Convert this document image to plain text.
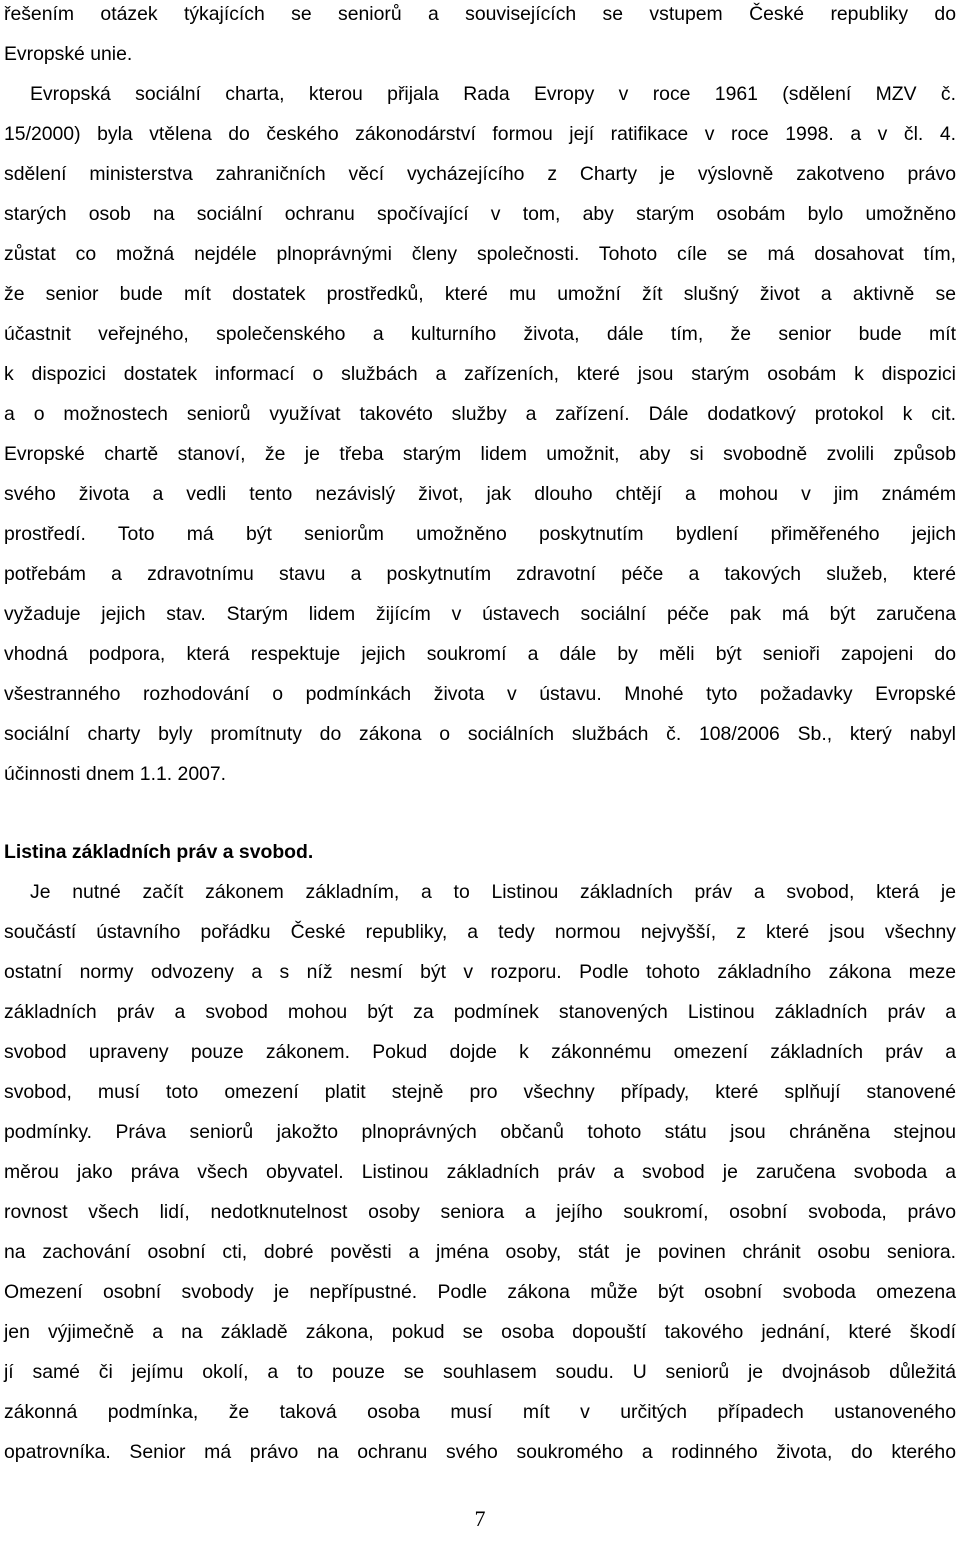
řešením otázek týkajících se seniorů a souvisejících se vstupem České republiky do
Evropské unie.
Evropská sociální charta, kterou přijala Rada Evropy v roce 1961 (sdělení MZV č.
15/2000) byla vtělena do českého zákonodárství formou její ratifikace v roce 1998. a v čl. 4.
sdělení ministerstva zahraničních věcí vycházejícího z Charty je výslovně zakotveno právo
starých osob na sociální ochranu spočívající v tom, aby starým osobám bylo umožněno
zůstat co možná nejdéle plnoprávnými členy společnosti. Tohoto cíle se má dosahovat tím,
že senior bude mít dostatek prostředků, které mu umožní žít slušný život a aktivně se
účastnit veřejného, společenského a kulturního života, dále tím, že senior bude mít
k dispozici dostatek informací o službách a zařízeních, které jsou starým osobám k dispozici
a o možnostech seniorů využívat takovéto služby a zařízení. Dále dodatkový protokol k cit.
Evropské chartě stanoví, že je třeba starým lidem umožnit, aby si svobodně zvolili způsob
svého života a vedli tento nezávislý život, jak dlouho chtějí a mohou v jim známém
prostředí. Toto má být seniorům umožněno poskytnutím bydlení přiměřeného jejich
potřebám a zdravotnímu stavu a poskytnutím zdravotní péče a takových služeb, které
vyžaduje jejich stav. Starým lidem žijícím v ústavech sociální péče pak má být zaručena
vhodná podpora, která respektuje jejich soukromí a dále by měli být senioři zapojeni do
všestranného rozhodování o podmínkách života v ústavu. Mnohé tyto požadavky Evropské
sociální charty byly promítnuty do zákona o sociálních službách č. 108/2006 Sb., který nabyl
účinnosti dnem 1.1. 2007.
Listina základních práv a svobod.
Je nutné začít zákonem základním, a to Listinou základních práv a svobod, která je
součástí ústavního pořádku České republiky, a tedy normou nejvyšší, z které jsou všechny
ostatní normy odvozeny a s níž nesmí být v rozporu. Podle tohoto základního zákona meze
základních práv a svobod mohou být za podmínek stanovených Listinou základních práv a
svobod upraveny pouze zákonem. Pokud dojde k zákonnému omezení základních práv a
svobod, musí toto omezení platit stejně pro všechny případy, které splňují stanovené
podmínky. Práva seniorů jakožto plnoprávných občanů tohoto státu jsou chráněna stejnou
měrou jako práva všech obyvatel. Listinou základních práv a svobod je zaručena svoboda a
rovnost všech lidí, nedotknutelnost osoby seniora a jejího soukromí, osobní svoboda, právo
na zachování osobní cti, dobré pověsti a jména osoby, stát je povinen chránit osobu seniora.
Omezení osobní svobody je nepřípustné. Podle zákona může být osobní svoboda omezena
jen výjimečně a na základě zákona, pokud se osoba dopouští takového jednání, které škodí
jí samé či jejímu okolí, a to pouze se souhlasem soudu. U seniorů je dvojnásob důležitá
zákonná podmínka, že taková osoba musí mít v určitých případech ustanoveného
opatrovníka. Senior má právo na ochranu svého soukromého a rodinného života, do kterého
7
